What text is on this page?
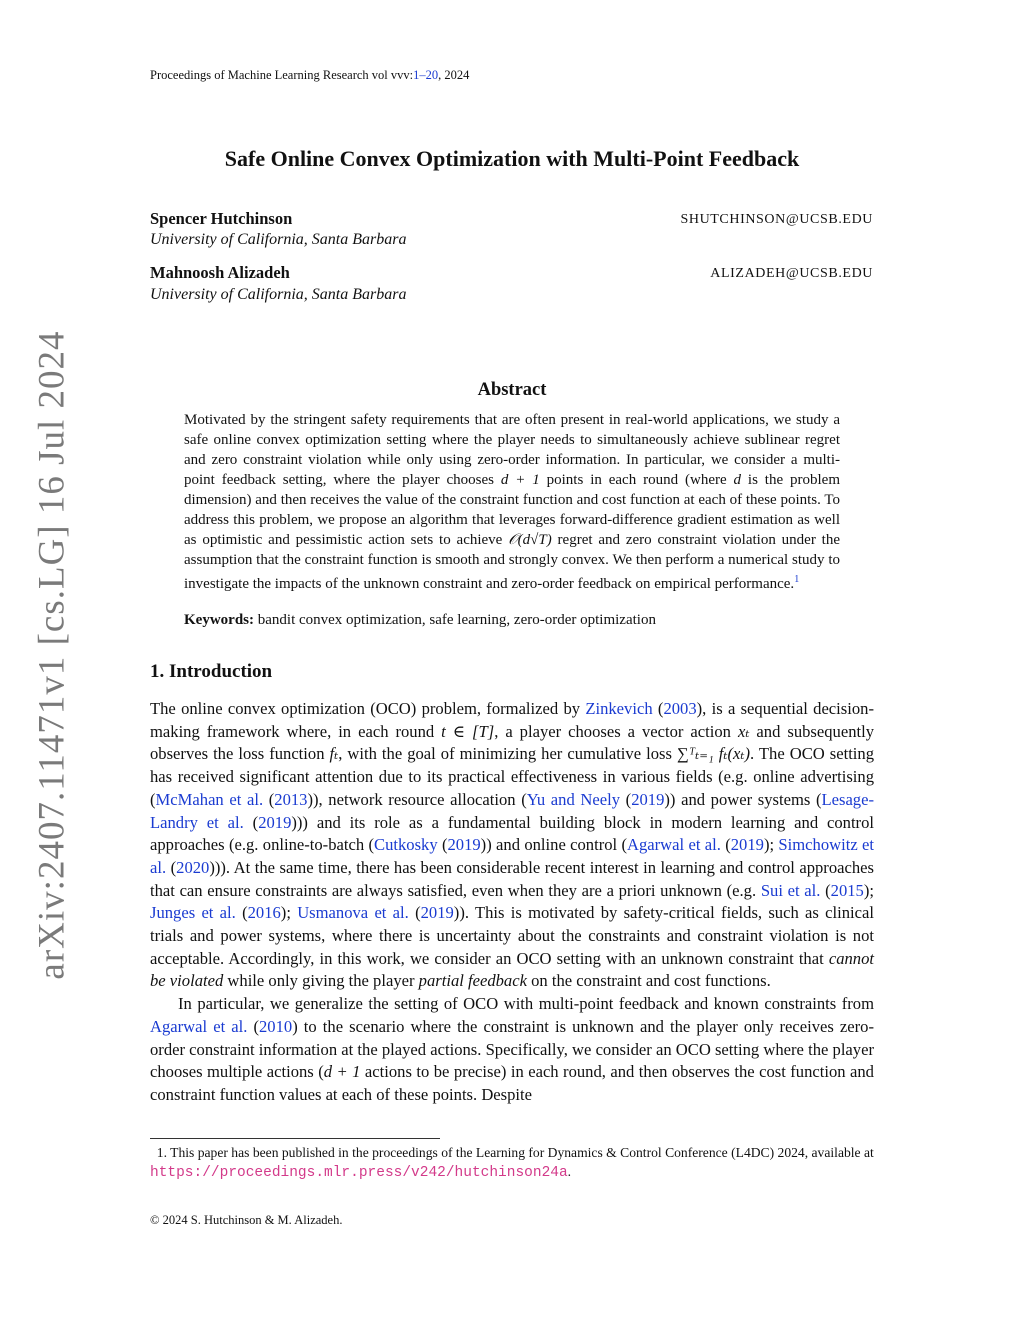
Proceedings of Machine Learning Research vol vvv:1–20, 2024
Safe Online Convex Optimization with Multi-Point Feedback
Spencer Hutchinson	SHUTCHINSON@UCSB.EDU
University of California, Santa Barbara
Mahnoosh Alizadeh	ALIZADEH@UCSB.EDU
University of California, Santa Barbara
arXiv:2407.11471v1 [cs.LG] 16 Jul 2024	Abstract
Motivated by the stringent safety requirements that are often present in real-world applications, we study a safe online convex optimization setting where the player needs to simultaneously achieve sublinear regret and zero constraint violation while only using zero-order information. In particular, we consider a multi-point feedback setting, where the player chooses d + 1 points in each round (where d is the problem dimension) and then receives the value of the constraint function and cost function at each of these points. To address this problem, we propose an algorithm that leverages forward-difference gradient estimation as well as optimistic and pessimistic action sets to achieve 𝒪(d√T) regret and zero constraint violation under the assumption that the constraint function is smooth and strongly convex. We then perform a numerical study to investigate the impacts of the unknown constraint and zero-order feedback on empirical performance.$^1$
Keywords: bandit convex optimization, safe learning, zero-order optimization
1. Introduction

The online convex optimization (OCO) problem, formalized by Zinkevich (2003), is a sequential decision-making framework where, in each round t ∈ [T], a player chooses a vector action xₜ and subsequently observes the loss function fₜ, with the goal of minimizing her cumulative loss ∑ᵀₜ₌₁ fₜ(xₜ). The OCO setting has received significant attention due to its practical effectiveness in various fields (e.g. online advertising (McMahan et al. (2013)), network resource allocation (Yu and Neely (2019)) and power systems (Lesage-Landry et al. (2019))) and its role as a fundamental building block in modern learning and control approaches (e.g. online-to-batch (Cutkosky (2019)) and online control (Agarwal et al. (2019); Simchowitz et al. (2020))). At the same time, there has been considerable recent interest in learning and control approaches that can ensure constraints are always satisfied, even when they are a priori unknown (e.g. Sui et al. (2015); Junges et al. (2016); Usmanova et al. (2019)). This is motivated by safety-critical fields, such as clinical trials and power systems, where there is uncertainty about the constraints and constraint violation is not acceptable. Accordingly, in this work, we consider an OCO setting with an unknown constraint that cannot be violated while only giving the player partial feedback on the constraint and cost functions.

In particular, we generalize the setting of OCO with multi-point feedback and known constraints from Agarwal et al. (2010) to the scenario where the constraint is unknown and the player only receives zero-order constraint information at the played actions. Specifically, we consider an OCO setting where the player chooses multiple actions (d + 1 actions to be precise) in each round, and then observes the cost function and constraint function values at each of these points. Despite

1. This paper has been published in the proceedings of the Learning for Dynamics & Control Conference (L4DC) 2024, available at https://proceedings.mlr.press/v242/hutchinson24a.
© 2024 S. Hutchinson & M. Alizadeh.
